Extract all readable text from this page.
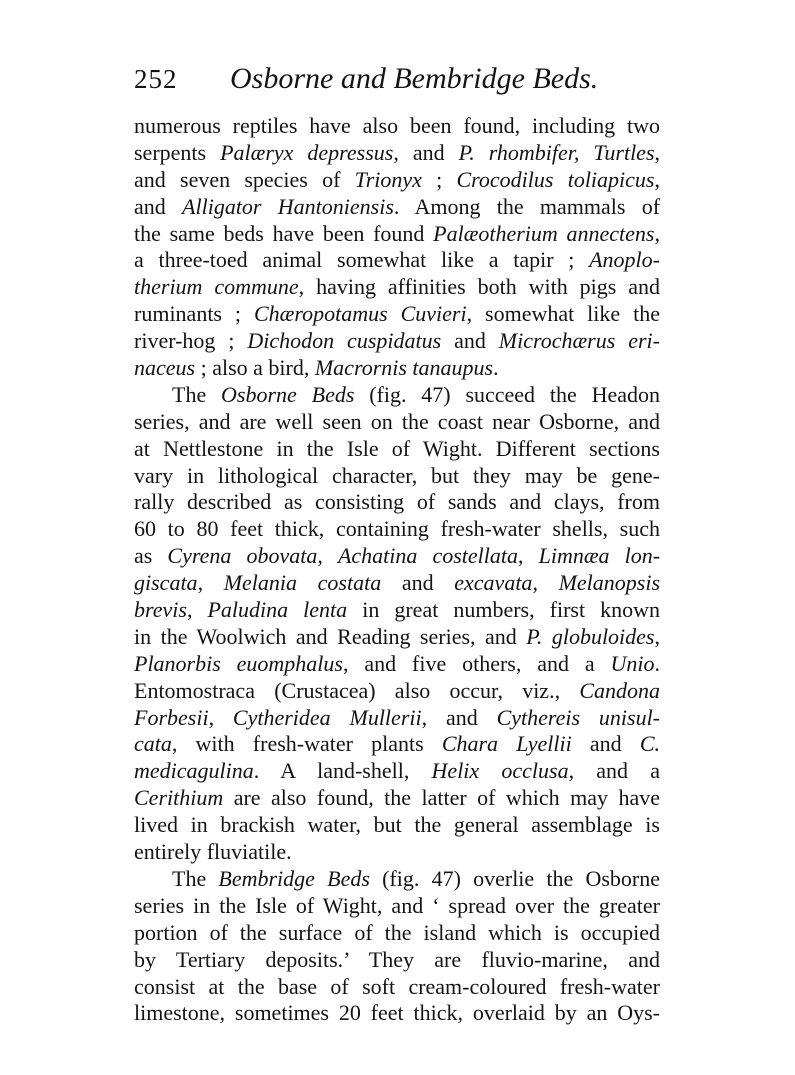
252 Osborne and Bembridge Beds.
numerous reptiles have also been found, including two
serpents Palæryx depressus, and P. rhombifer, Turtles,
and seven species of Trionyx ; Crocodilus toliapicus,
and Alligator Hantoniensis. Among the mammals of
the same beds have been found Palæotherium annectens,
a three-toed animal somewhat like a tapir ; Anoplo-
therium commune, having affinities both with pigs and
ruminants ; Chæropotamus Cuvieri, somewhat like the
river-hog ; Dichodon cuspidatus and Microchærus eri-
naceus ; also a bird, Macrornis tanaupus.
The Osborne Beds (fig. 47) succeed the Headon
series, and are well seen on the coast near Osborne, and
at Nettlestone in the Isle of Wight. Different sections
vary in lithological character, but they may be gene-
rally described as consisting of sands and clays, from
60 to 80 feet thick, containing fresh-water shells, such
as Cyrena obovata, Achatina costellata, Limnæa lon-
giscata, Melania costata and excavata, Melanopsis
brevis, Paludina lenta in great numbers, first known
in the Woolwich and Reading series, and P. globuloides,
Planorbis euomphalus, and five others, and a Unio.
Entomostraca (Crustacea) also occur, viz., Candona
Forbesii, Cytheridea Mullerii, and Cythereis unisul-
cata, with fresh-water plants Chara Lyellii and C.
medicagulina. A land-shell, Helix occlusa, and a
Cerithium are also found, the latter of which may have
lived in brackish water, but the general assemblage is
entirely fluviatile.
The Bembridge Beds (fig. 47) overlie the Osborne
series in the Isle of Wight, and ‘ spread over the greater
portion of the surface of the island which is occupied
by Tertiary deposits.’ They are fluvio-marine, and
consist at the base of soft cream-coloured fresh-water
limestone, sometimes 20 feet thick, overlaid by an Oys-
